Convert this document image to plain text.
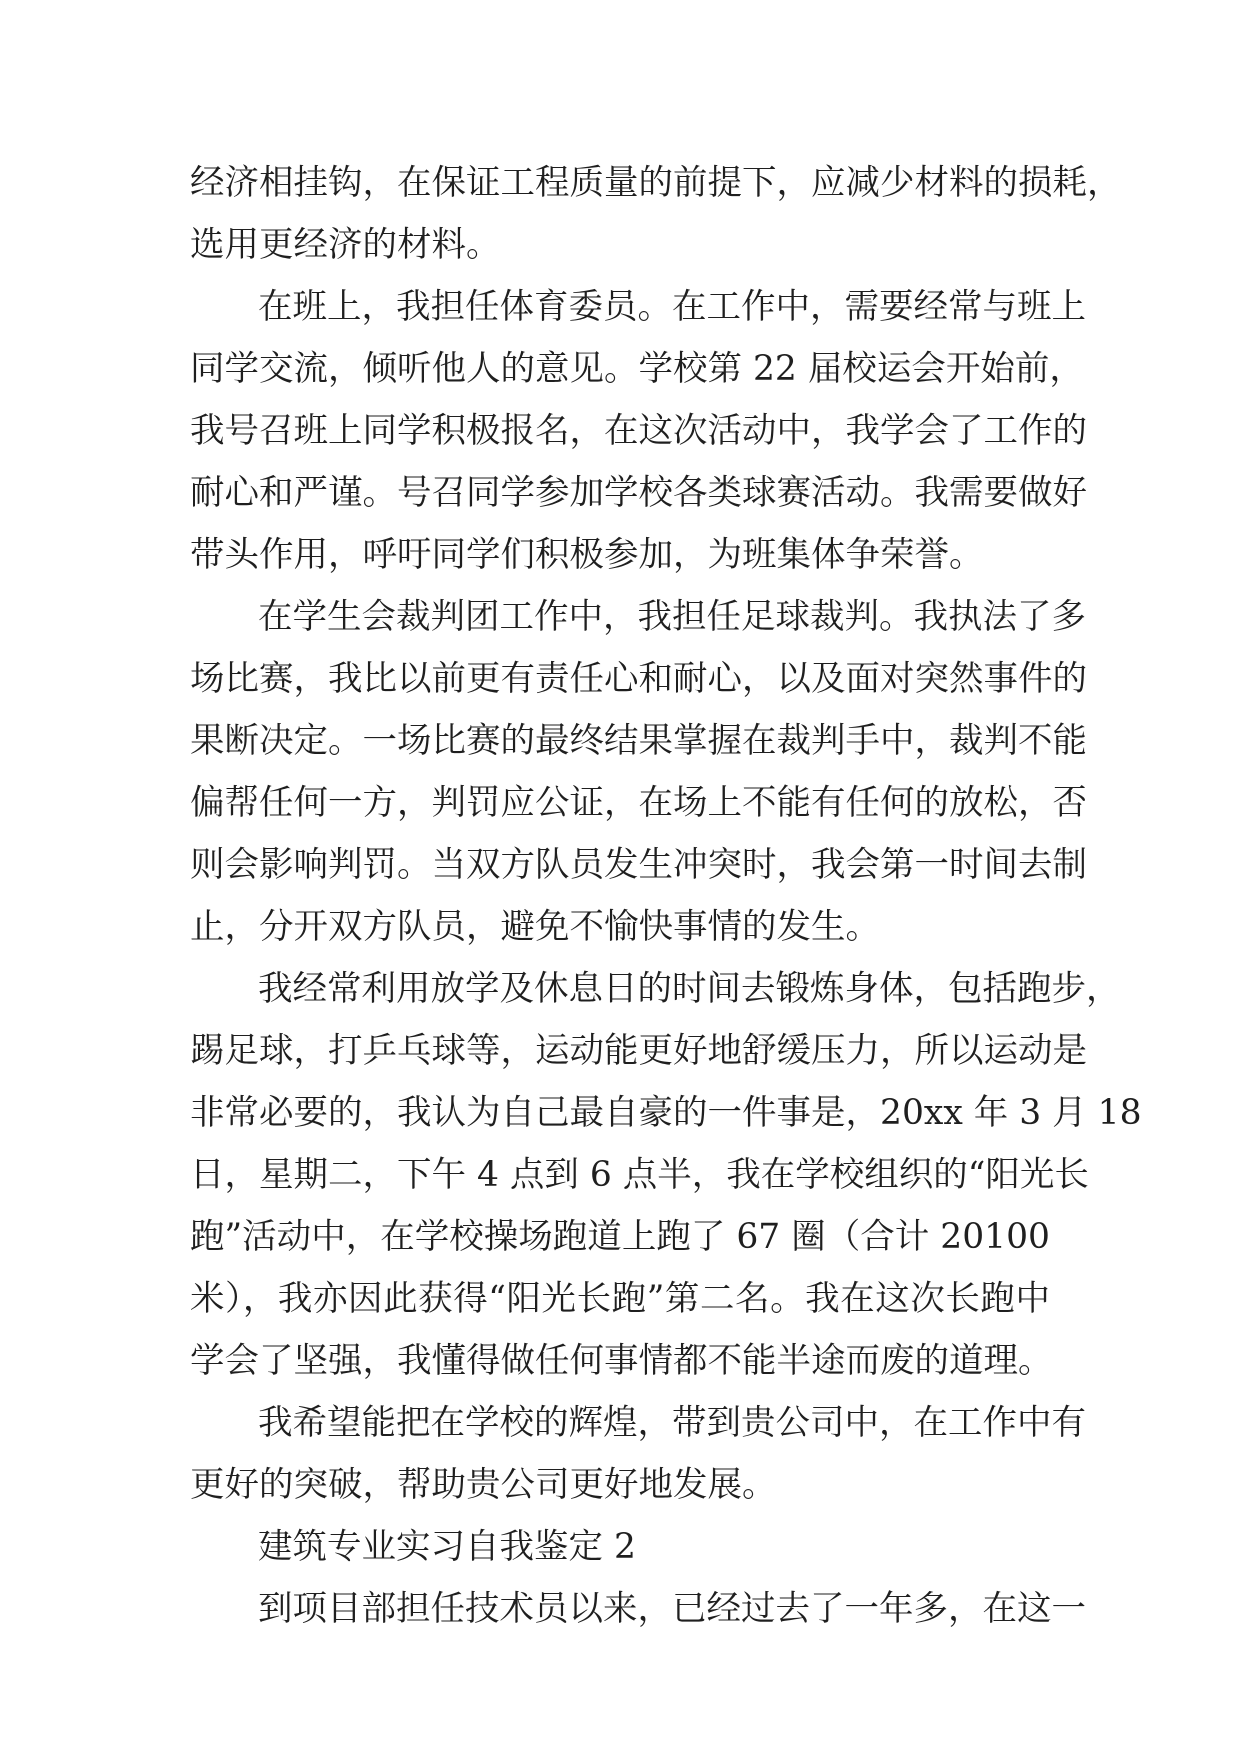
经济相挂钩，在保证工程质量的前提下，应减少材料的损耗，
选用更经济的材料。
在班上，我担任体育委员。在工作中，需要经常与班上
同学交流，倾听他人的意见。学校第 22 届校运会开始前，
我号召班上同学积极报名，在这次活动中，我学会了工作的
耐心和严谨。号召同学参加学校各类球赛活动。我需要做好
带头作用，呼吁同学们积极参加，为班集体争荣誉。
在学生会裁判团工作中，我担任足球裁判。我执法了多
场比赛，我比以前更有责任心和耐心，以及面对突然事件的
果断决定。一场比赛的最终结果掌握在裁判手中，裁判不能
偏帮任何一方，判罚应公证，在场上不能有任何的放松，否
则会影响判罚。当双方队员发生冲突时，我会第一时间去制
止，分开双方队员，避免不愉快事情的发生。
我经常利用放学及休息日的时间去锻炼身体，包括跑步，
踢足球，打乒乓球等，运动能更好地舒缓压力，所以运动是
非常必要的，我认为自己最自豪的一件事是，20xx 年 3 月 18
日，星期二，下午 4 点到 6 点半，我在学校组织的“阳光长
跑”活动中，在学校操场跑道上跑了 67 圈（合计 20100
米），我亦因此获得“阳光长跑”第二名。我在这次长跑中
学会了坚强，我懂得做任何事情都不能半途而废的道理。
我希望能把在学校的辉煌，带到贵公司中，在工作中有
更好的突破，帮助贵公司更好地发展。
建筑专业实习自我鉴定 2
到项目部担任技术员以来，已经过去了一年多，在这一
